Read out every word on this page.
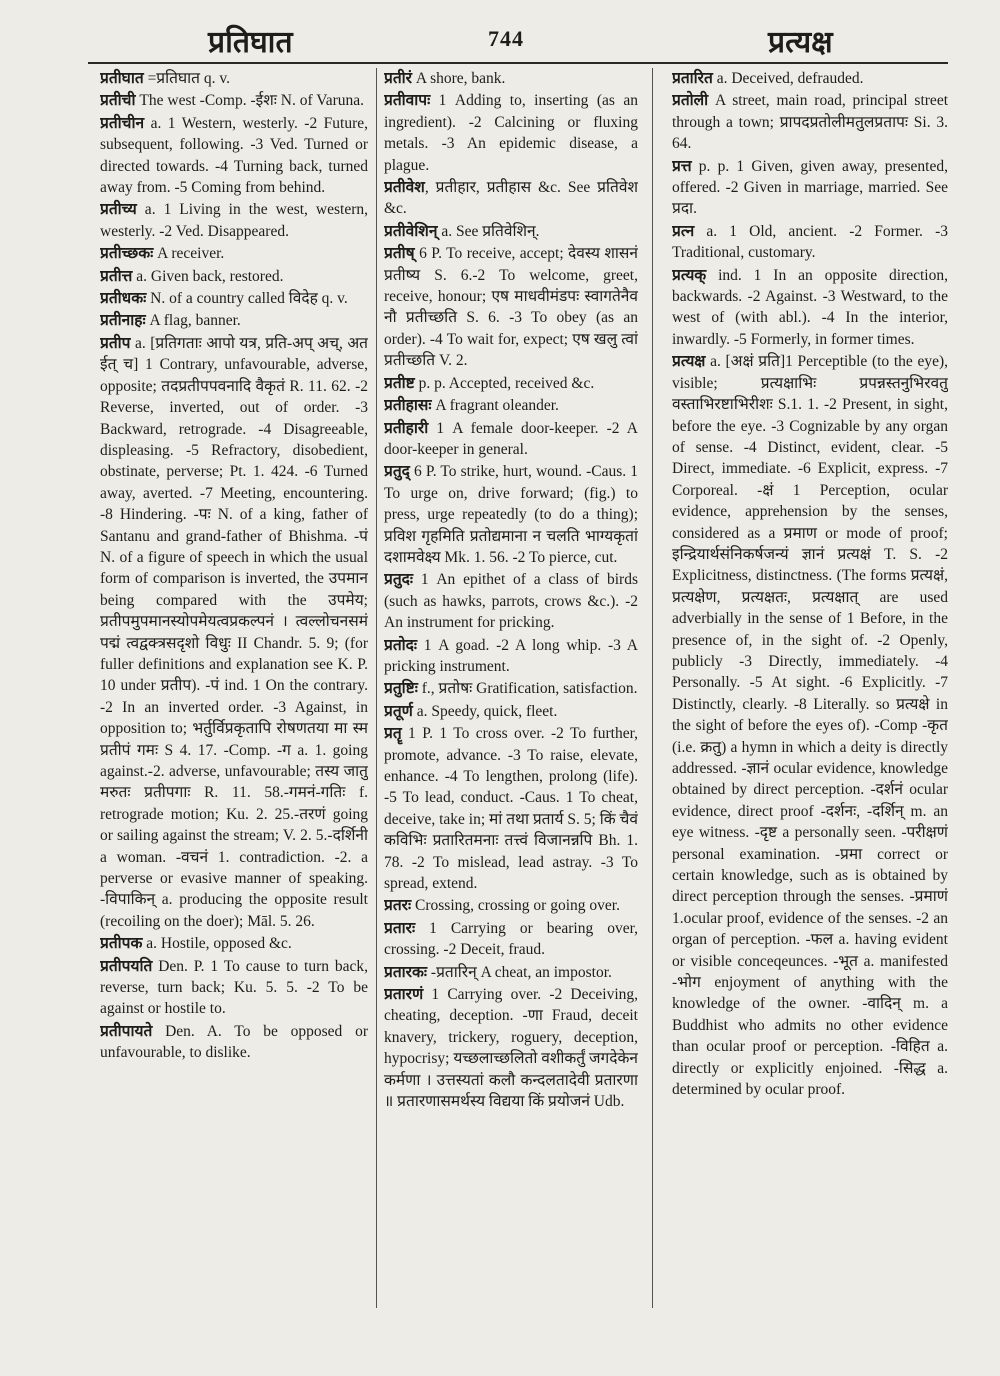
प्रतिघात	744	प्रत्यक्ष

प्रतीघात =प्रतिघात q. v.

प्रतीची The west -Comp. -ईशः N. of Varuna.

प्रतीचीन a. 1 Western, westerly. -2 Future, subsequent, following. -3 Ved. Turned or directed towards. -4 Turning back, turned away from. -5 Coming from behind.

प्रतीच्य a. 1 Living in the west, western, westerly. -2 Ved. Disappeared.

प्रतीच्छकः A receiver.

प्रतीत्त a. Given back, restored.

प्रतीधकः N. of a country called विदेह q. v.

प्रतीनाहः A flag, banner.

प्रतीप a. [प्रतिगताः आपो यत्र, प्रति-अप् अच्, अत ईत् च] 1 Contrary, unfavourable, adverse, opposite; तदप्रतीपपवनादि वैकृतं R. 11. 62. -2 Reverse, inverted, out of order. -3 Backward, retrograde. -4 Disagreeable, displeasing. -5 Refractory, disobedient, obstinate, perverse; Pt. 1. 424. -6 Turned away, averted. -7 Meeting, encountering. -8 Hindering. -पः N. of a king, father of Santanu and grand-father of Bhishma. -पं N. of a figure of speech in which the usual form of comparison is inverted, the उपमान being compared with the उपमेय; प्रतीपमुपमानस्योपमेयत्वप्रकल्पनं । त्वल्लोचनसमं पद्मं त्वद्वक्त्रसदृशो विधुः II Chandr. 5. 9; (for fuller definitions and explanation see K. P. 10 under प्रतीप). -पं ind. 1 On the contrary. -2 In an inverted order. -3 Against, in opposition to; भर्तुर्विप्रकृतापि रोषणतया मा स्म प्रतीपं गमः S 4. 17. -Comp. -ग a. 1. going against.-2. adverse, unfavourable; तस्य जातु मरुतः प्रतीपगाः R. 11. 58.-गमनं-गतिः f. retrograde motion; Ku. 2. 25.-तरणं going or sailing against the stream; V. 2. 5.-दर्शिनी a woman. -वचनं 1. contradiction. -2. a perverse or evasive manner of speaking. -विपाकिन् a. producing the opposite result (recoiling on the doer); Māl. 5. 26.

प्रतीपक a. Hostile, opposed &c.

प्रतीपयति Den. P. 1 To cause to turn back, reverse, turn back; Ku. 5. 5. -2 To be against or hostile to.

प्रतीपायते Den. A. To be opposed or unfavourable, to dislike.

प्रतीरं A shore, bank.

प्रतीवापः 1 Adding to, inserting (as an ingredient). -2 Calcining or fluxing metals. -3 An epidemic disease, a plague.

प्रतीवेश, प्रतीहार, प्रतीहास &c. See प्रतिवेश &c.

प्रतीवेशिन् a. See प्रतिवेशिन्.

प्रतीष् 6 P. To receive, accept; देवस्य शासनं प्रतीष्य S. 6.-2 To welcome, greet, receive, honour; एष माधवीमंडपः स्वागतेनैव नौ प्रतीच्छति S. 6. -3 To obey (as an order). -4 To wait for, expect; एष खलु त्वां प्रतीच्छति V. 2.

प्रतीष्ट p. p. Accepted, received &c.

प्रतीहासः A fragrant oleander.

प्रतीहारी 1 A female door-keeper. -2 A door-keeper in general.

प्रतुद् 6 P. To strike, hurt, wound. -Caus. 1 To urge on, drive forward; (fig.) to press, urge repeatedly (to do a thing); प्रविश गृहमिति प्रतोद्यमाना न चलति भाग्यकृतां दशामवेक्ष्य Mk. 1. 56. -2 To pierce, cut.

प्रतुदः 1 An epithet of a class of birds (such as hawks, parrots, crows &c.). -2 An instrument for pricking.

प्रतोदः 1 A goad. -2 A long whip. -3 A pricking instrument.

प्रतुष्टिः f., प्रतोषः Gratification, satisfaction.

प्रतूर्ण a. Speedy, quick, fleet.

प्रतॄ 1 P. 1 To cross over. -2 To further, promote, advance. -3 To raise, elevate, enhance. -4 To lengthen, prolong (life). -5 To lead, conduct. -Caus. 1 To cheat, deceive, take in; मां तथा प्रतार्य S. 5; किं चैवं कविभिः प्रतारितमनाः तत्त्वं विजानन्नपि Bh. 1. 78. -2 To mislead, lead astray. -3 To spread, extend.

प्रतरः Crossing, crossing or going over.

प्रतारः 1 Carrying or bearing over, crossing. -2 Deceit, fraud.

प्रतारकः -प्रतारिन् A cheat, an impostor.

प्रतारणं 1 Carrying over. -2 Deceiving, cheating, deception. -णा Fraud, deceit knavery, trickery, roguery, deception, hypocrisy; यच्छलाच्छलितो वशीकर्तुं जगदेकेन कर्मणा । उत्तस्यतां कलौ कन्दलतादेवी प्रतारणा ॥ प्रतारणासमर्थस्य विद्यया किं प्रयोजनं Udb.

प्रतारित a. Deceived, defrauded.

प्रतोली A street, main road, principal street through a town; प्रापदप्रतोलीमतुलप्रतापः Si. 3. 64.

प्रत्त p. p. 1 Given, given away, presented, offered. -2 Given in marriage, married. See प्रदा.

प्रत्न a. 1 Old, ancient. -2 Former. -3 Traditional, customary.

प्रत्यक् ind. 1 In an opposite direction, backwards. -2 Against. -3 Westward, to the west of (with abl.). -4 In the interior, inwardly. -5 Formerly, in former times.

प्रत्यक्ष a. [अक्षं प्रति]1 Perceptible (to the eye), visible; प्रत्यक्षाभिः प्रपन्नस्तनुभिरवतु वस्ताभिरष्टाभिरीशः S.1. 1. -2 Present, in sight, before the eye. -3 Cognizable by any organ of sense. -4 Distinct, evident, clear. -5 Direct, immediate. -6 Explicit, express. -7 Corporeal. -क्षं 1 Perception, ocular evidence, apprehension by the senses, considered as a प्रमाण or mode of proof; इन्द्रियार्थसंनिकर्षजन्यं ज्ञानं प्रत्यक्षं T. S. -2 Explicitness, distinctness. (The forms प्रत्यक्षं, प्रत्यक्षेण, प्रत्यक्षतः, प्रत्यक्षात् are used adverbially in the sense of 1 Before, in the presence of, in the sight of. -2 Openly, publicly -3 Directly, immediately. -4 Personally. -5 At sight. -6 Explicitly. -7 Distinctly, clearly. -8 Literally. so प्रत्यक्षे in the sight of before the eyes of). -Comp -कृत (i.e. क्रतु) a hymn in which a deity is directly addressed. -ज्ञानं ocular evidence, knowledge obtained by direct perception. -दर्शनं ocular evidence, direct proof -दर्शनः, -दर्शिन् m. an eye witness. -दृष्ट a personally seen. -परीक्षणं personal examination. -प्रमा correct or certain knowledge, such as is obtained by direct perception through the senses. -प्रमाणं 1.ocular proof, evidence of the senses. -2 an organ of perception. -फल a. having evident or visible conceqeunces. -भूत a. manifested -भोग enjoyment of anything with the knowledge of the owner. -वादिन् m. a Buddhist who admits no other evidence than ocular proof or perception. -विहित a. directly or explicitly enjoined. -सिद्ध a. determined by ocular proof.
